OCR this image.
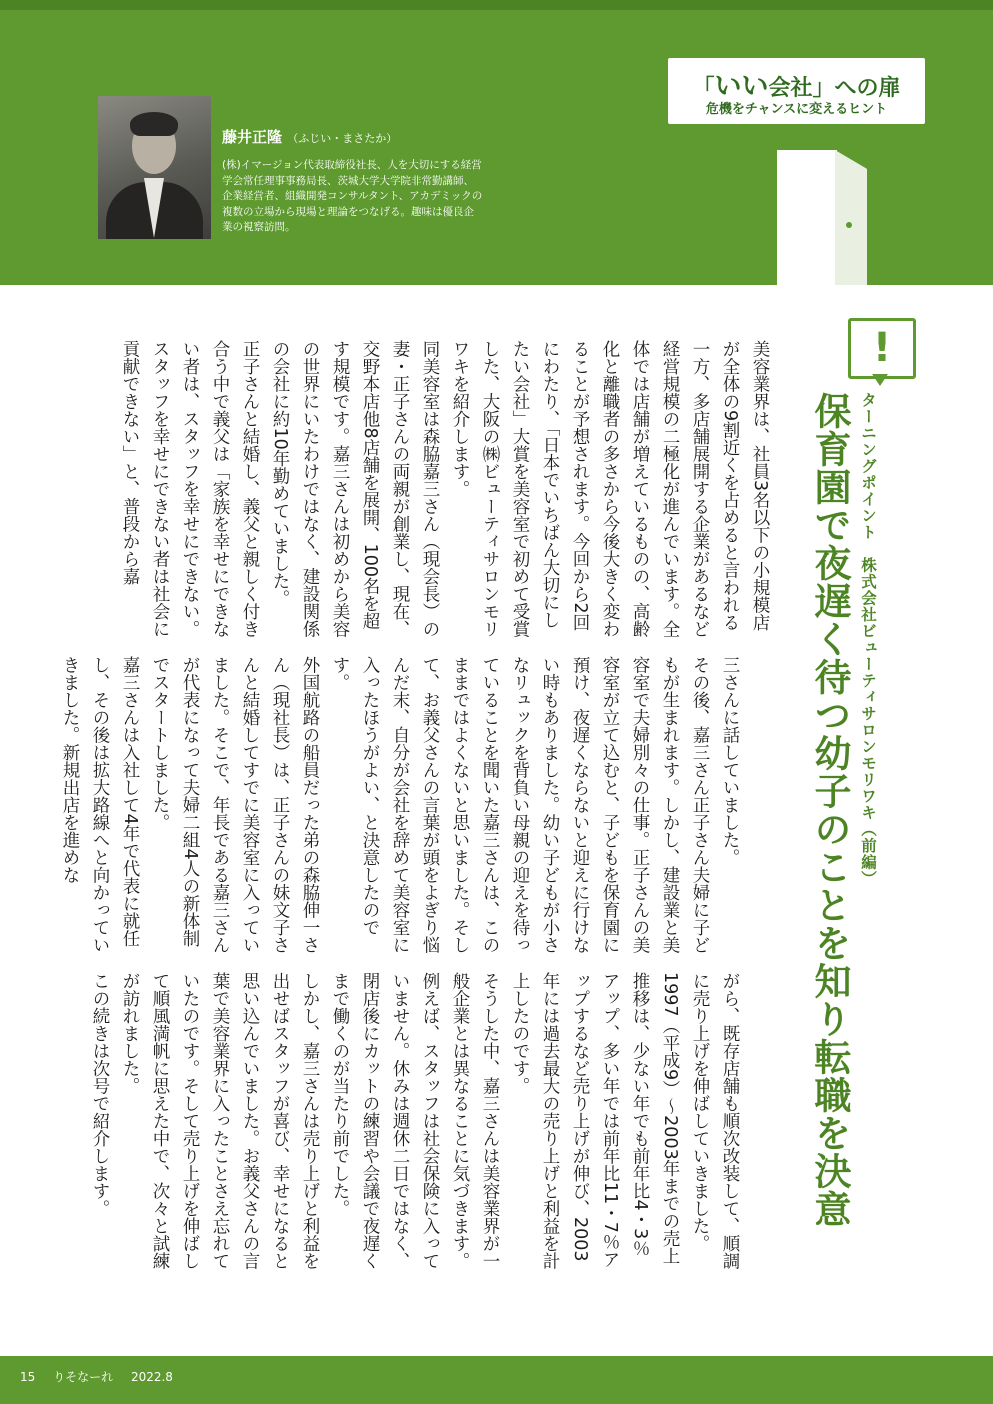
藤井正隆 （ふじい・まさたか）
(株)イマージョン代表取締役社長、人を大切にする経営学会常任理事事務局長、茨城大学大学院非常勤講師、企業経営者、組織開発コンサルタント、アカデミックの複数の立場から現場と理論をつなげる。趣味は優良企業の視察訪問。
「いい会社」への扉
危機をチャンスに変えるヒント
!
ターニングポイント　株式会社ビューティサロンモリワキ（前編）
保育園で夜遅く待つ幼子のことを知り転職を決意

美容業界は、社員3名以下の小規模店が全体の9割近くを占めると言われる一方、多店舗展開する企業があるなど経営規模の二極化が進んでいます。全体では店舗が増えているものの、高齢化と離職者の多さから今後大きく変わることが予想されます。今回から2回にわたり、「日本でいちばん大切にしたい会社」大賞を美容室で初めて受賞した、大阪の㈱ビューティサロンモリワキを紹介します。

同美容室は森脇嘉三さん（現会長）の妻・正子さんの両親が創業し、現在、交野本店他8店舗を展開、100名を超す規模です。嘉三さんは初めから美容の世界にいたわけではなく、建設関係の会社に約10年勤めていました。

正子さんと結婚し、義父と親しく付き合う中で義父は「家族を幸せにできない者は、スタッフを幸せにできない。スタッフを幸せにできない者は社会に貢献できない」と、普段から嘉

三さんに話していました。

その後、嘉三さん正子さん夫婦に子どもが生まれます。しかし、建設業と美容室で夫婦別々の仕事。正子さんの美容室が立て込むと、子どもを保育園に預け、夜遅くならないと迎えに行けない時もありました。幼い子どもが小さなリュックを背負い母親の迎えを待っていることを聞いた嘉三さんは、このままではよくないと思いました。そして、お義父さんの言葉が頭をよぎり悩んだ末、自分が会社を辞めて美容室に入ったほうがよい、と決意したのです。

外国航路の船員だった弟の森脇伸一さん（現社長）は、正子さんの妹文子さんと結婚してすでに美容室に入っていました。そこで、年長である嘉三さんが代表になって夫婦二組4人の新体制でスタートしました。

嘉三さんは入社して4年で代表に就任し、その後は拡大路線へと向かっていきました。新規出店を進めな

がら、既存店舗も順次改装して、順調に売り上げを伸ばしていきました。1997（平成9）〜2003年までの売上推移は、少ない年でも前年比4・3％アップ、多い年では前年比11・7％アップするなど売り上げが伸び、2003年には過去最大の売り上げと利益を計上したのです。

そうした中、嘉三さんは美容業界が一般企業とは異なることに気づきます。例えば、スタッフは社会保険に入っていません。休みは週休二日ではなく、閉店後にカットの練習や会議で夜遅くまで働くのが当たり前でした。

しかし、嘉三さんは売り上げと利益を出せばスタッフが喜び、幸せになると思い込んでいました。お義父さんの言葉で美容業界に入ったことさえ忘れていたのです。そして売り上げを伸ばして順風満帆に思えた中で、次々と試練が訪れました。

この続きは次号で紹介します。

15 りそなーれ 2022.8
